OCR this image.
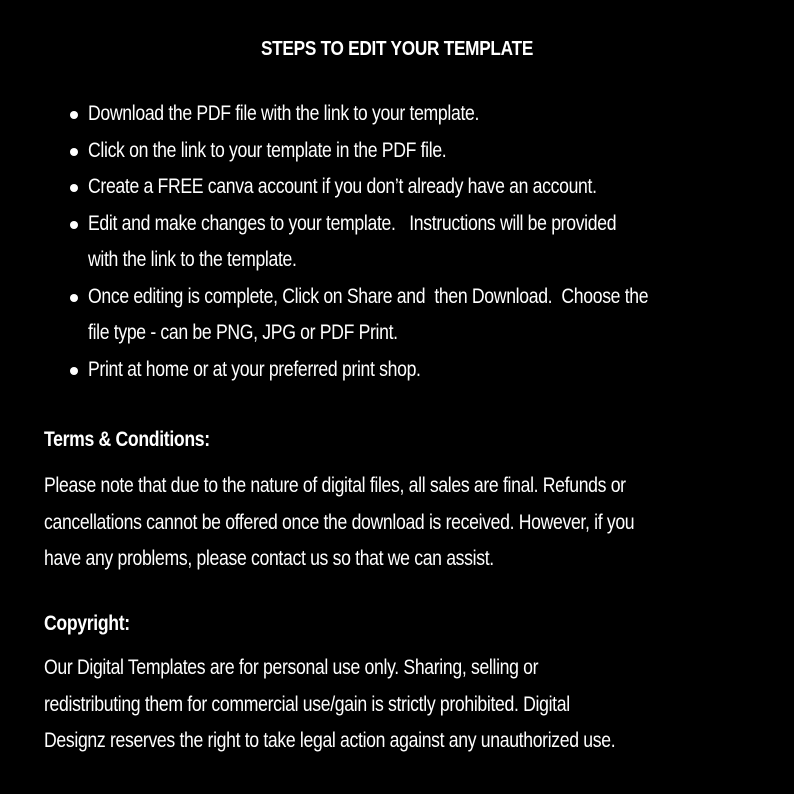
STEPS TO EDIT YOUR TEMPLATE
Download the PDF file with the link to your template.
Click on the link to your template in the PDF file.
Create a FREE canva account if you don’t already have an account.
Edit and make changes to your template.   Instructions will be provided
with the link to the template.
Once editing is complete, Click on Share and  then Download.  Choose the
file type - can be PNG, JPG or PDF Print.
Print at home or at your preferred print shop.
Terms & Conditions:
Please note that due to the nature of digital files, all sales are final. Refunds or
cancellations cannot be offered once the download is received. However, if you
have any problems, please contact us so that we can assist.
Copyright:
Our Digital Templates are for personal use only. Sharing, selling or
redistributing them for commercial use/gain is strictly prohibited. Digital
Designz reserves the right to take legal action against any unauthorized use.
